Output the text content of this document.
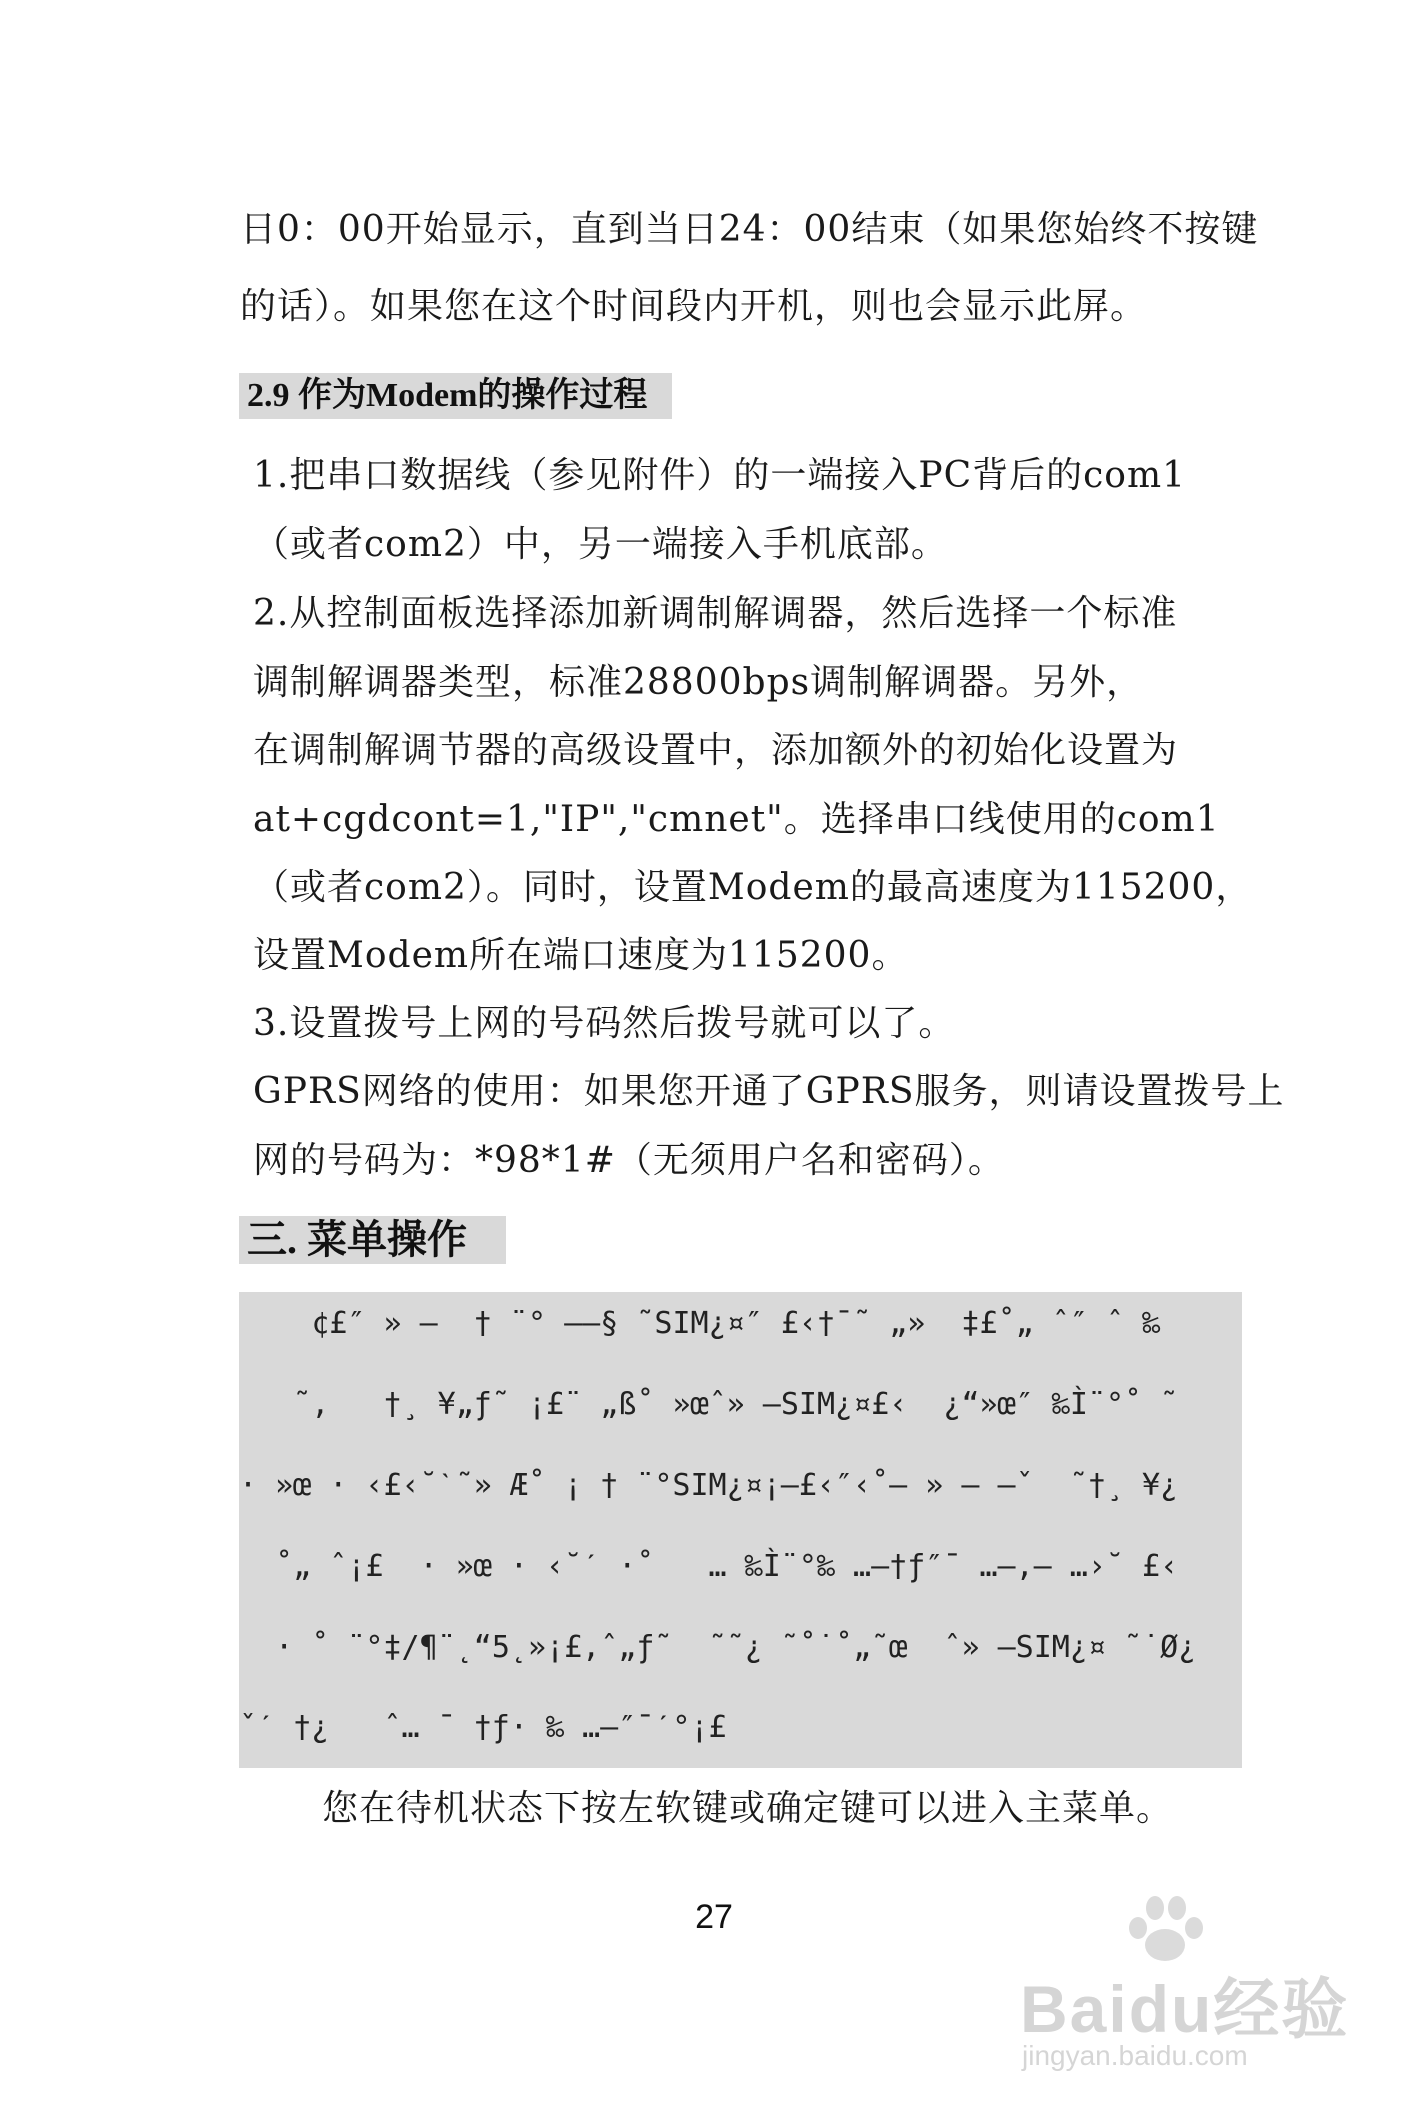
日0：00开始显示，直到当日24：00结束（如果您始终不按键
的话）。如果您在这个时间段内开机，则也会显示此屏。
2.9 作为Modem的操作过程
1.把串口数据线（参见附件）的一端接入PC背后的com1
（或者com2）中，另一端接入手机底部。
2.从控制面板选择添加新调制解调器，然后选择一个标准
调制解调器类型，标准28800bps调制解调器。另外，
在调制解调节器的高级设置中，添加额外的初始化设置为
at+cgdcont=1,"IP","cmnet"。选择串口线使用的com1
（或者com2）。同时，设置Modem的最高速度为115200，
设置Modem所在端口速度为115200。
3.设置拨号上网的号码然后拨号就可以了。
GPRS网络的使用：如果您开通了GPRS服务，则请设置拨号上
网的号码为：*98*1#（无须用户名和密码）。
三. 菜单操作
¢£″ » —  † ¨° ——§ ˜SIM¿¤″ £‹†¯˜ „»  ‡£˚„ ˆ″ ˆ ‰
˜,   †¸ ¥„ƒ˜ ¡£¨ „ß˚ »œˆ» —SIM¿¤£‹  ¿“»œ″ ‰Ì¨°˚ ˜
· »œ · ‹£‹˘ˋ˜» Æ˚ ¡ † ¨°SIM¿¤¡–£‹″‹˚– » — —ˇ  ˜†¸ ¥¿
˚„ ˆ¡£  · »œ · ‹˘ˊ ·˚   … ‰Ì¨°‰ …–†ƒ″¯ …–,– …›˘ £‹
· ˚ ¨°‡/¶¨˛“5˛»¡£,ˆ„ƒ˜  ˜˜¿ ˜˚˙˚„˜œ  ˆ» —SIM¿¤ ˜˙Ø¿
ˇˊ †¿   ˆ… ¯ †ƒ· ‰ …–″¯ˊ°¡£
您在待机状态下按左软键或确定键可以进入主菜单。
27
Baidu经验
jingyan.baidu.com
